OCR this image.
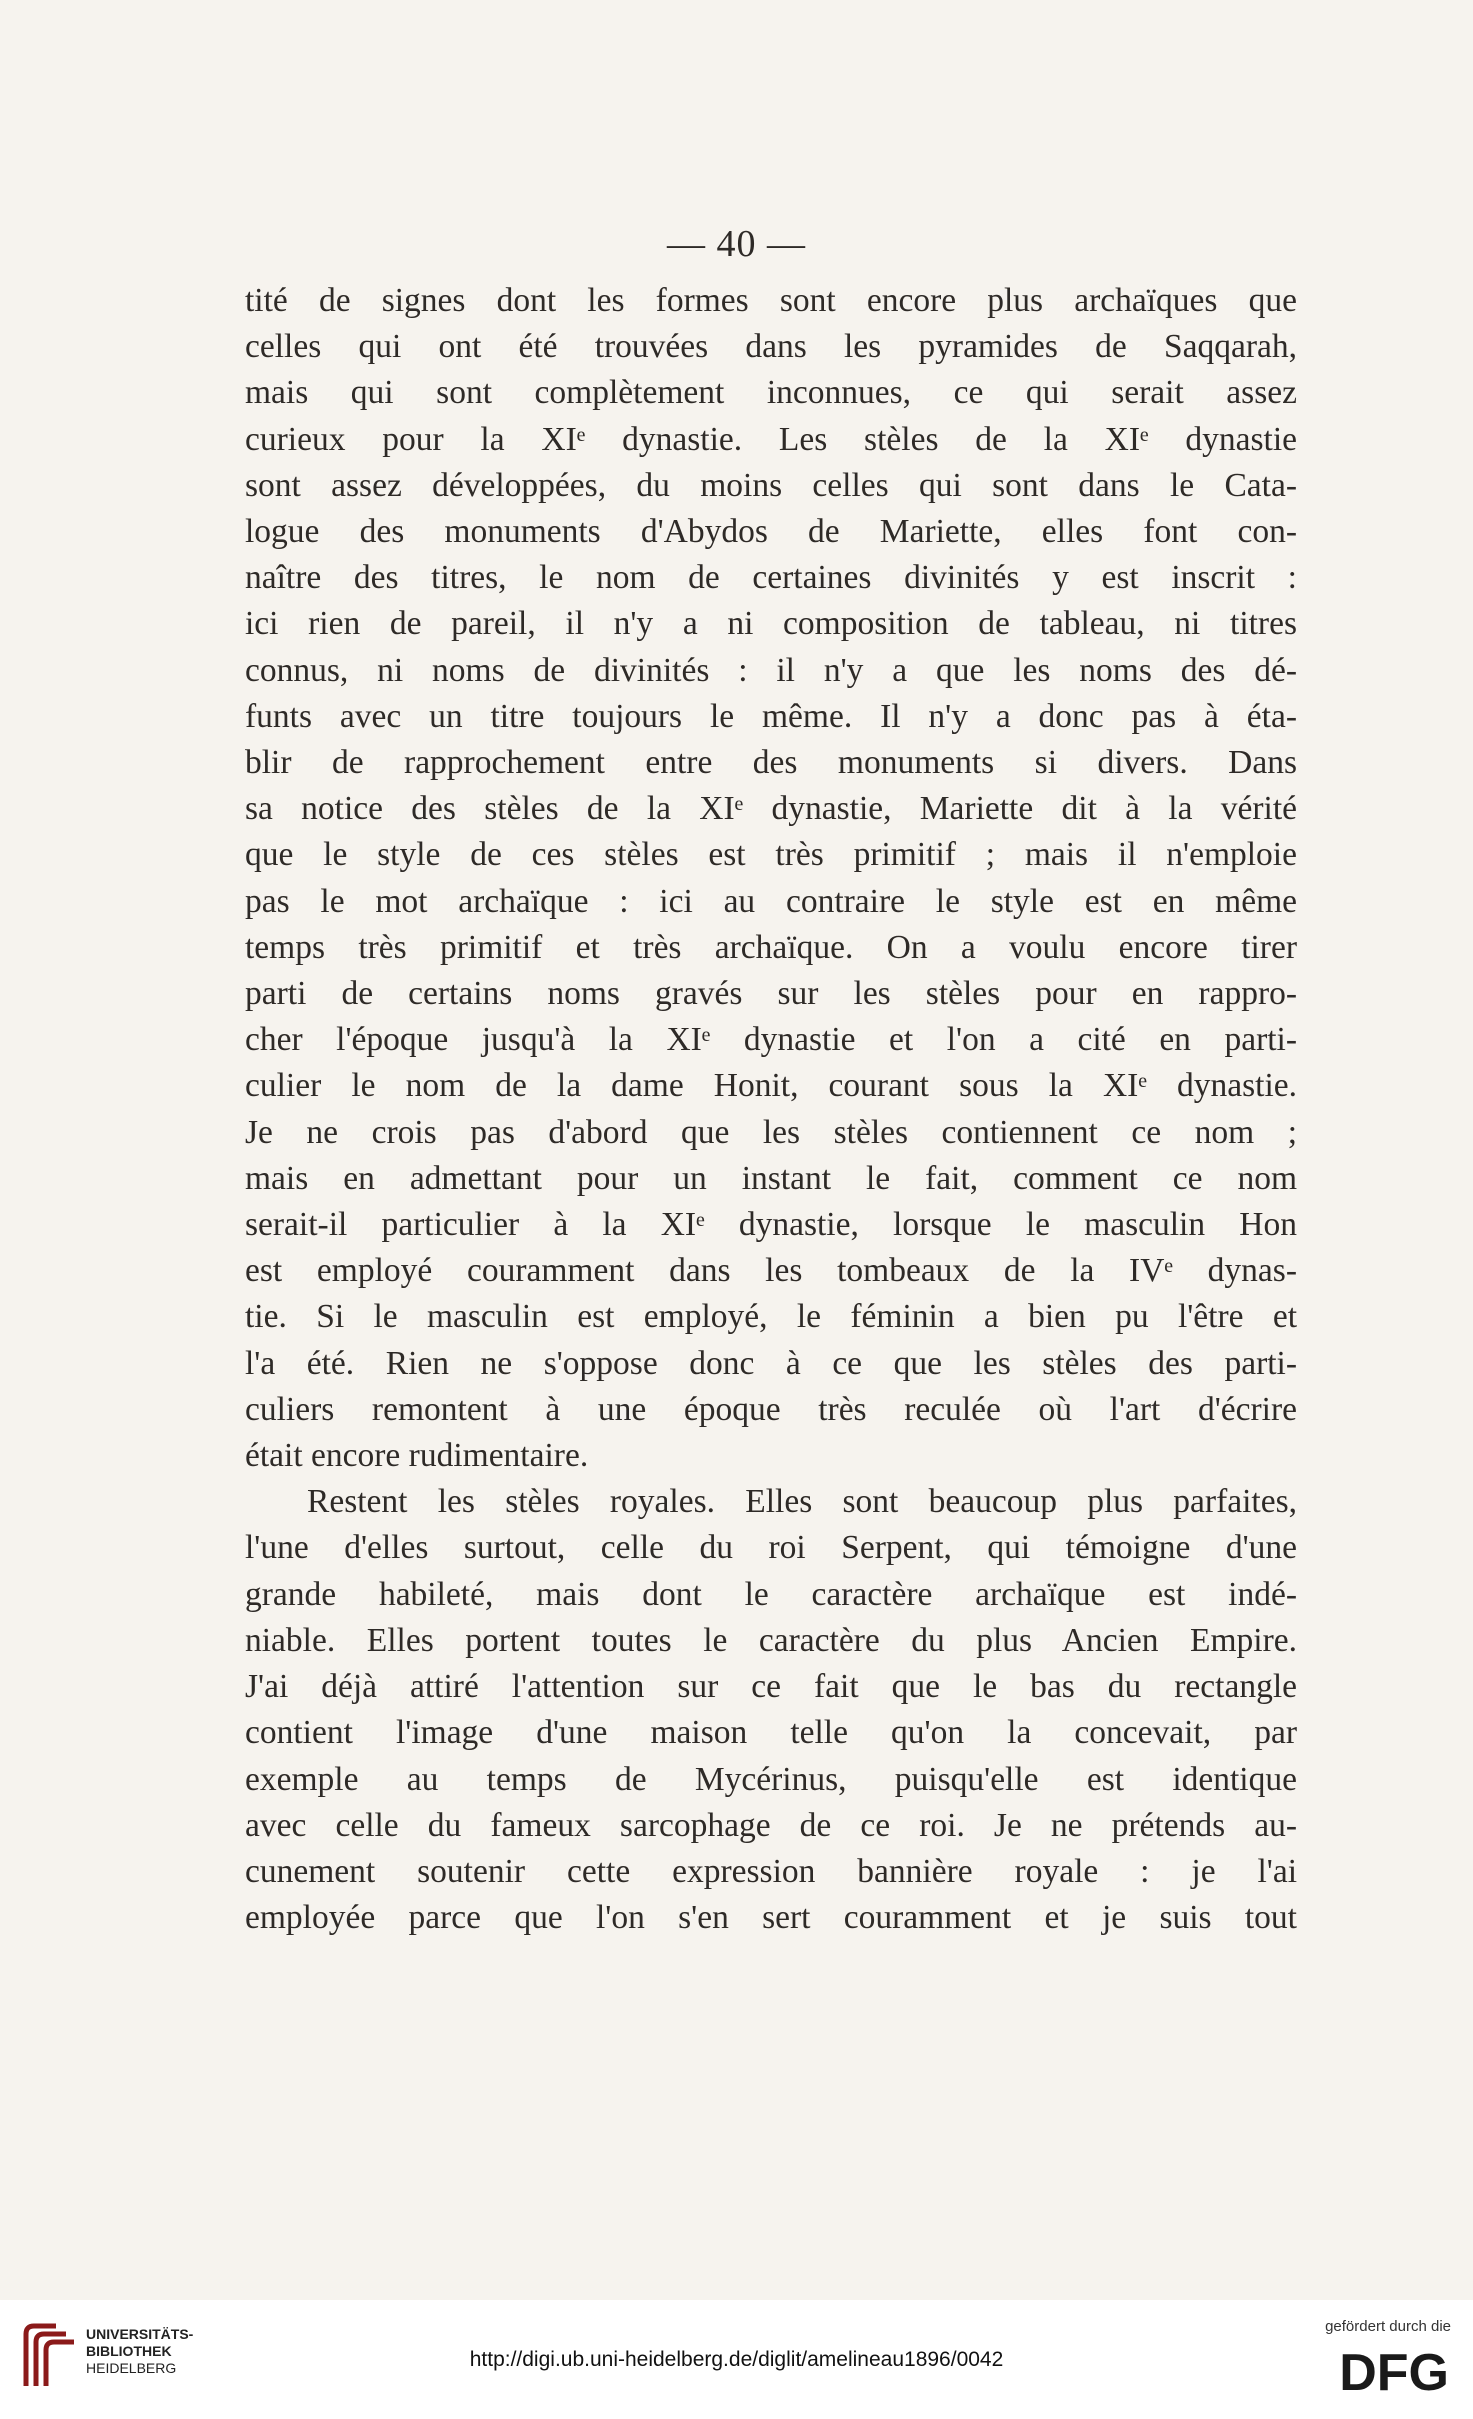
— 40 —
tité de signes dont les formes sont encore plus archaïques que
celles qui ont été trouvées dans les pyramides de Saqqarah,
mais qui sont complètement inconnues, ce qui serait assez
curieux pour la XIᵉ dynastie. Les stèles de la XIᵉ dynastie
sont assez développées, du moins celles qui sont dans le Cata-
logue des monuments d'Abydos de Mariette, elles font con-
naître des titres, le nom de certaines divinités y est inscrit :
ici rien de pareil, il n'y a ni composition de tableau, ni titres
connus, ni noms de divinités : il n'y a que les noms des dé-
funts avec un titre toujours le même. Il n'y a donc pas à éta-
blir de rapprochement entre des monuments si divers. Dans
sa notice des stèles de la XIᵉ dynastie, Mariette dit à la vérité
que le style de ces stèles est très primitif ; mais il n'emploie
pas le mot archaïque : ici au contraire le style est en même
temps très primitif et très archaïque. On a voulu encore tirer
parti de certains noms gravés sur les stèles pour en rappro-
cher l'époque jusqu'à la XIᵉ dynastie et l'on a cité en parti-
culier le nom de la dame Honit, courant sous la XIᵉ dynastie.
Je ne crois pas d'abord que les stèles contiennent ce nom ;
mais en admettant pour un instant le fait, comment ce nom
serait-il particulier à la XIᵉ dynastie, lorsque le masculin Hon
est employé couramment dans les tombeaux de la IVᵉ dynas-
tie. Si le masculin est employé, le féminin a bien pu l'être et
l'a été. Rien ne s'oppose donc à ce que les stèles des parti-
culiers remontent à une époque très reculée où l'art d'écrire
était encore rudimentaire.
Restent les stèles royales. Elles sont beaucoup plus parfaites,
l'une d'elles surtout, celle du roi Serpent, qui témoigne d'une
grande habileté, mais dont le caractère archaïque est indé-
niable. Elles portent toutes le caractère du plus Ancien Empire.
J'ai déjà attiré l'attention sur ce fait que le bas du rectangle
contient l'image d'une maison telle qu'on la concevait, par
exemple au temps de Mycérinus, puisqu'elle est identique
avec celle du fameux sarcophage de ce roi. Je ne prétends au-
cunement soutenir cette expression bannière royale : je l'ai
employée parce que l'on s'en sert couramment et je suis tout
UNIVERSITÄTS-
BIBLIOTHEK
HEIDELBERG	http://digi.ub.uni-heidelberg.de/diglit/amelineau1896/0042
gefördert durch die
DFG
